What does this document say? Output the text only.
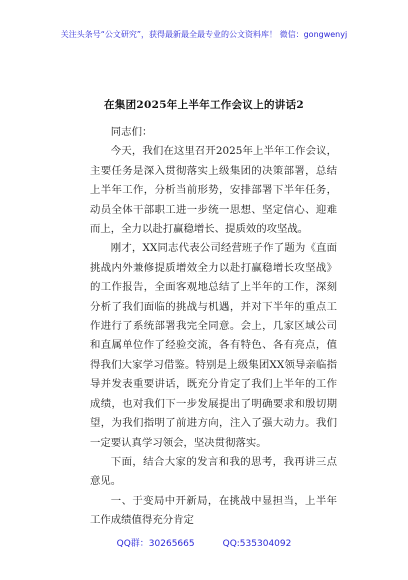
关注头条号“公文研究”，获得最新最全最专业的公文资料库！ 微信：gongwenyj
在集团2025年上半年工作会议上的讲话2

同志们：

今天，我们在这里召开2025年上半年工作会议，主要任务是深入贯彻落实上级集团的决策部署，总结上半年工作，分析当前形势，安排部署下半年任务，动员全体干部职工进一步统一思想、坚定信心、迎难而上，全力以赴打赢稳增长、提质效的攻坚战。

刚才，XX同志代表公司经营班子作了题为《直面挑战内外兼修提质增效全力以赴打赢稳增长攻坚战》的工作报告，全面客观地总结了上半年的工作，深刻分析了我们面临的挑战与机遇，并对下半年的重点工作进行了系统部署我完全同意。会上，几家区域公司和直属单位作了经验交流，各有特色、各有亮点，值得我们大家学习借鉴。特别是上级集团XX领导亲临指导并发表重要讲话，既充分肯定了我们上半年的工作成绩，也对我们下一步发展提出了明确要求和殷切期望，为我们指明了前进方向，注入了强大动力。我们一定要认真学习领会，坚决贯彻落实。

下面，结合大家的发言和我的思考，我再讲三点意见。

一、于变局中开新局，在挑战中显担当，上半年工作成绩值得充分肯定

QQ群：30265665	QQ:535304092
